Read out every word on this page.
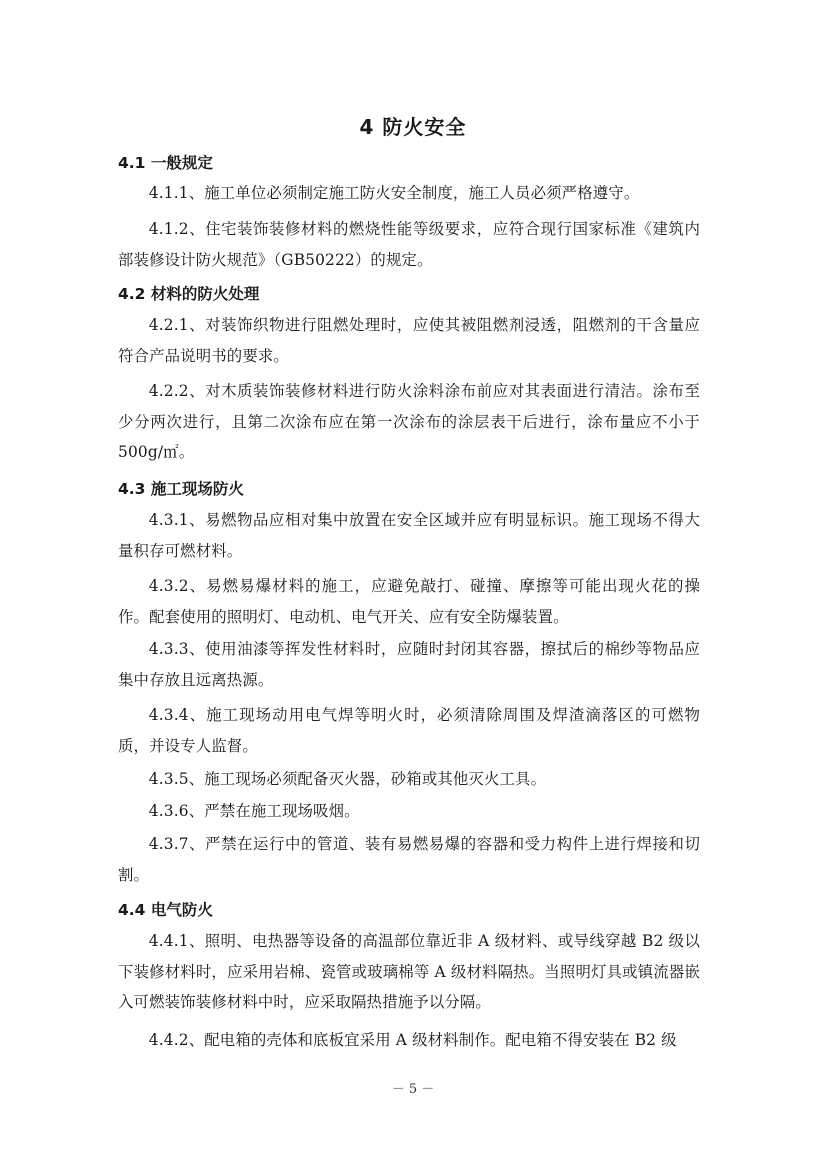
4 防火安全
4.1 一般规定
4.1.1、施工单位必须制定施工防火安全制度，施工人员必须严格遵守。
4.1.2、住宅装饰装修材料的燃烧性能等级要求，应符合现行国家标准《建筑内部装修设计防火规范》（GB50222）的规定。
4.2 材料的防火处理
4.2.1、对装饰织物进行阻燃处理时，应使其被阻燃剂浸透，阻燃剂的干含量应符合产品说明书的要求。
4.2.2、对木质装饰装修材料进行防火涂料涂布前应对其表面进行清洁。涂布至少分两次进行，且第二次涂布应在第一次涂布的涂层表干后进行，涂布量应不小于 500g/㎡。
4.3 施工现场防火
4.3.1、易燃物品应相对集中放置在安全区域并应有明显标识。施工现场不得大量积存可燃材料。
4.3.2、易燃易爆材料的施工，应避免敲打、碰撞、摩擦等可能出现火花的操作。配套使用的照明灯、电动机、电气开关、应有安全防爆装置。
4.3.3、使用油漆等挥发性材料时，应随时封闭其容器，擦拭后的棉纱等物品应集中存放且远离热源。
4.3.4、施工现场动用电气焊等明火时，必须清除周围及焊渣滴落区的可燃物质，并设专人监督。
4.3.5、施工现场必须配备灭火器，砂箱或其他灭火工具。
4.3.6、严禁在施工现场吸烟。
4.3.7、严禁在运行中的管道、装有易燃易爆的容器和受力构件上进行焊接和切割。
4.4 电气防火
4.4.1、照明、电热器等设备的高温部位靠近非 A 级材料、或导线穿越 B2 级以下装修材料时，应采用岩棉、瓷管或玻璃棉等 A 级材料隔热。当照明灯具或镇流器嵌入可燃装饰装修材料中时，应采取隔热措施予以分隔。
4.4.2、配电箱的壳体和底板宜采用 A 级材料制作。配电箱不得安装在 B2 级
－ 5 －
